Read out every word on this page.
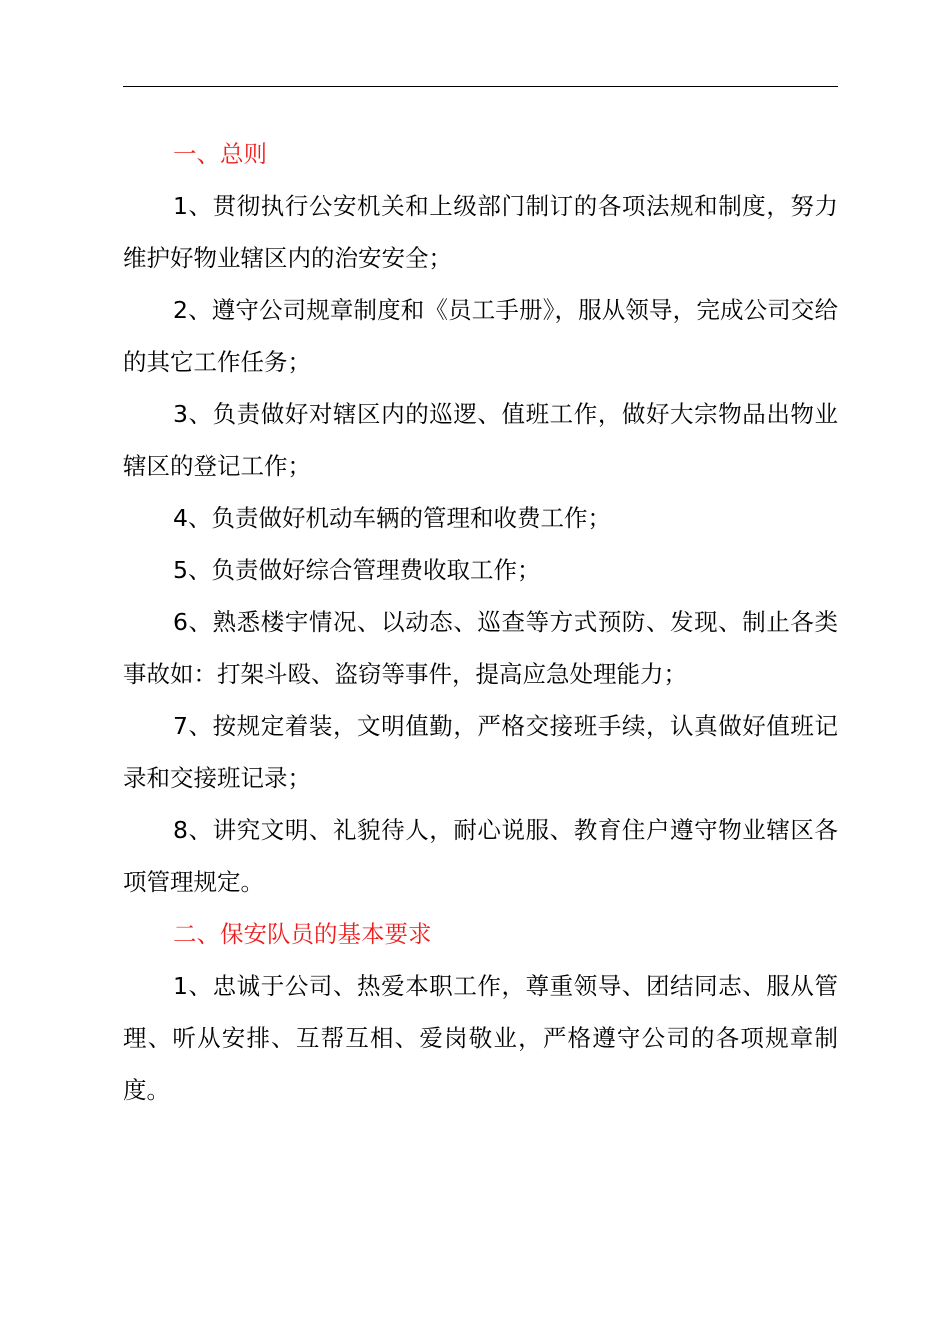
一、总则

1、贯彻执行公安机关和上级部门制订的各项法规和制度，努力维护好物业辖区内的治安安全；

2、遵守公司规章制度和《员工手册》，服从领导，完成公司交给的其它工作任务；

3、负责做好对辖区内的巡逻、值班工作，做好大宗物品出物业辖区的登记工作；

4、负责做好机动车辆的管理和收费工作；

5、负责做好综合管理费收取工作；

6、熟悉楼宇情况、以动态、巡查等方式预防、发现、制止各类事故如：打架斗殴、盗窃等事件，提高应急处理能力；

7、按规定着装，文明值勤，严格交接班手续，认真做好值班记录和交接班记录；

8、讲究文明、礼貌待人，耐心说服、教育住户遵守物业辖区各项管理规定。

二、保安队员的基本要求

1、忠诚于公司、热爱本职工作，尊重领导、团结同志、服从管理、听从安排、互帮互相、爱岗敬业，严格遵守公司的各项规章制度。
